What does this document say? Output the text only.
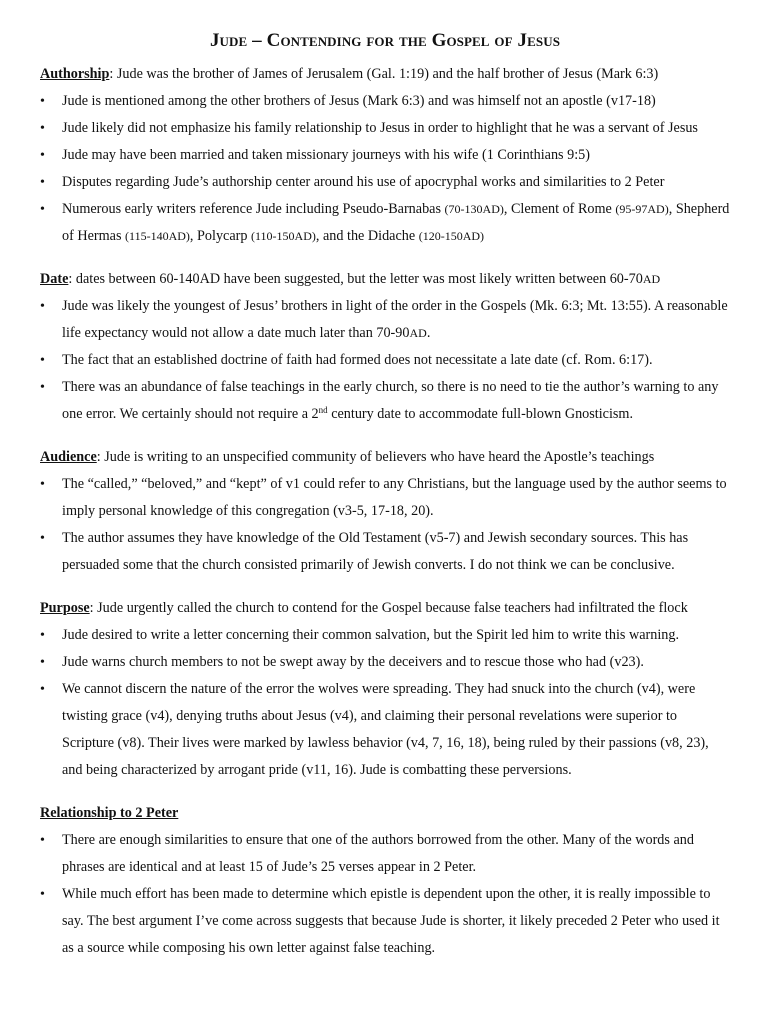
Jude – Contending for the Gospel of Jesus
Authorship: Jude was the brother of James of Jerusalem (Gal. 1:19) and the half brother of Jesus (Mark 6:3)
• Jude is mentioned among the other brothers of Jesus (Mark 6:3) and was himself not an apostle (v17-18)
• Jude likely did not emphasize his family relationship to Jesus in order to highlight that he was a servant of Jesus
• Jude may have been married and taken missionary journeys with his wife (1 Corinthians 9:5)
• Disputes regarding Jude’s authorship center around his use of apocryphal works and similarities to 2 Peter
• Numerous early writers reference Jude including Pseudo-Barnabas (70-130AD), Clement of Rome (95-97AD), Shepherd of Hermas (115-140AD), Polycarp (110-150AD), and the Didache (120-150AD)
Date: dates between 60-140AD have been suggested, but the letter was most likely written between 60-70AD
• Jude was likely the youngest of Jesus’ brothers in light of the order in the Gospels (Mk. 6:3; Mt. 13:55). A reasonable life expectancy would not allow a date much later than 70-90AD.
• The fact that an established doctrine of faith had formed does not necessitate a late date (cf. Rom. 6:17).
• There was an abundance of false teachings in the early church, so there is no need to tie the author’s warning to any one error. We certainly should not require a 2nd century date to accommodate full-blown Gnosticism.
Audience: Jude is writing to an unspecified community of believers who have heard the Apostle’s teachings
• The “called,” “beloved,” and “kept” of v1 could refer to any Christians, but the language used by the author seems to imply personal knowledge of this congregation (v3-5, 17-18, 20).
• The author assumes they have knowledge of the Old Testament (v5-7) and Jewish secondary sources. This has persuaded some that the church consisted primarily of Jewish converts. I do not think we can be conclusive.
Purpose: Jude urgently called the church to contend for the Gospel because false teachers had infiltrated the flock
• Jude desired to write a letter concerning their common salvation, but the Spirit led him to write this warning.
• Jude warns church members to not be swept away by the deceivers and to rescue those who had (v23).
• We cannot discern the nature of the error the wolves were spreading. They had snuck into the church (v4), were twisting grace (v4), denying truths about Jesus (v4), and claiming their personal revelations were superior to Scripture (v8). Their lives were marked by lawless behavior (v4, 7, 16, 18), being ruled by their passions (v8, 23), and being characterized by arrogant pride (v11, 16). Jude is combatting these perversions.
Relationship to 2 Peter
• There are enough similarities to ensure that one of the authors borrowed from the other. Many of the words and phrases are identical and at least 15 of Jude’s 25 verses appear in 2 Peter.
• While much effort has been made to determine which epistle is dependent upon the other, it is really impossible to say. The best argument I’ve come across suggests that because Jude is shorter, it likely preceded 2 Peter who used it as a source while composing his own letter against false teaching.
